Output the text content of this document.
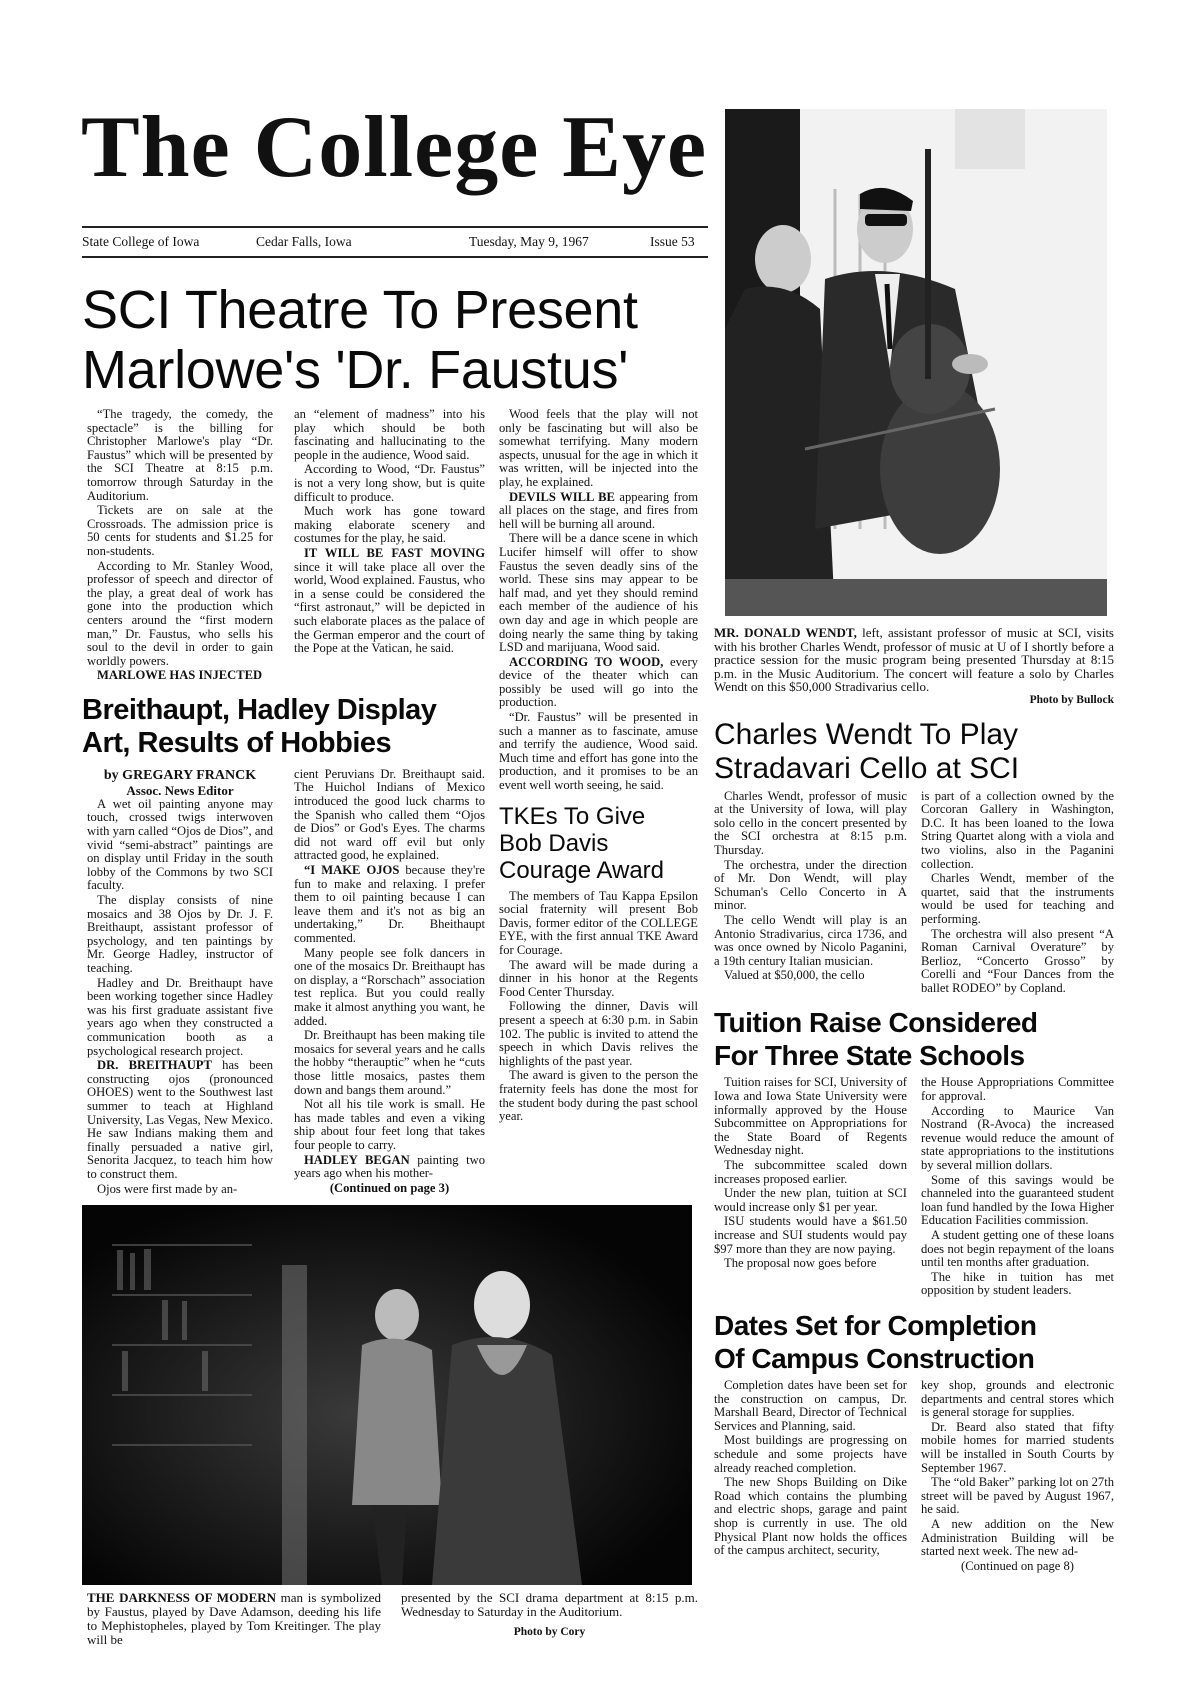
The College Eye
State College of Iowa	Cedar Falls, Iowa	Tuesday, May 9, 1967	Issue 53
SCI Theatre To Present
Marlowe's 'Dr. Faustus'

“The tragedy, the comedy, the spectacle” is the billing for Christopher Marlowe's play “Dr. Faustus” which will be presented by the SCI Theatre at 8:15 p.m. tomorrow through Saturday in the Auditorium.

Tickets are on sale at the Crossroads. The admission price is 50 cents for students and $1.25 for non-students.

According to Mr. Stanley Wood, professor of speech and director of the play, a great deal of work has gone into the production which centers around the “first modern man,” Dr. Faustus, who sells his soul to the devil in order to gain worldly powers.

MARLOWE HAS INJECTED

an “element of madness” into his play which should be both fascinating and hallucinating to the people in the audience, Wood said.

According to Wood, “Dr. Faustus” is not a very long show, but is quite difficult to produce.

Much work has gone toward making elaborate scenery and costumes for the play, he said.

IT WILL BE FAST MOVING since it will take place all over the world, Wood explained. Faustus, who in a sense could be considered the “first astronaut,” will be depicted in such elaborate places as the palace of the German emperor and the court of the Pope at the Vatican, he said.

Breithaupt, Hadley Display
Art, Results of Hobbies
by GREGARY FRANCK
Assoc. News Editor

A wet oil painting anyone may touch, crossed twigs interwoven with yarn called “Ojos de Dios”, and vivid “semi-abstract” paintings are on display until Friday in the south lobby of the Commons by two SCI faculty.

The display consists of nine mosaics and 38 Ojos by Dr. J. F. Breithaupt, assistant professor of psychology, and ten paintings by Mr. George Hadley, instructor of teaching.

Hadley and Dr. Breithaupt have been working together since Hadley was his first graduate assistant five years ago when they constructed a communication booth as a psychological research project.

DR. BREITHAUPT has been constructing ojos (pronounced OHOES) went to the Southwest last summer to teach at Highland University, Las Vegas, New Mexico. He saw Indians making them and finally persuaded a native girl, Senorita Jacquez, to teach him how to construct them.

Ojos were first made by an-

cient Peruvians Dr. Breithaupt said. The Huichol Indians of Mexico introduced the good luck charms to the Spanish who called them “Ojos de Dios” or God's Eyes. The charms did not ward off evil but only attracted good, he explained.

“I MAKE OJOS because they're fun to make and relaxing. I prefer them to oil painting because I can leave them and it's not as big an undertaking,” Dr. Bheithaupt commented.

Many people see folk dancers in one of the mosaics Dr. Breithaupt has on display, a “Rorschach” association test replica. But you could really make it almost anything you want, he added.

Dr. Breithaupt has been making tile mosaics for several years and he calls the hobby “therauptic” when he “cuts those little mosaics, pastes them down and bangs them around.”

Not all his tile work is small. He has made tables and even a viking ship about four feet long that takes four people to carry.

HADLEY BEGAN painting two years ago when his mother-

(Continued on page 3)

Wood feels that the play will not only be fascinating but will also be somewhat terrifying. Many modern aspects, unusual for the age in which it was written, will be injected into the play, he explained.

DEVILS WILL BE appearing from all places on the stage, and fires from hell will be burning all around.

There will be a dance scene in which Lucifer himself will offer to show Faustus the seven deadly sins of the world. These sins may appear to be half mad, and yet they should remind each member of the audience of his own day and age in which people are doing nearly the same thing by taking LSD and marijuana, Wood said.

ACCORDING TO WOOD, every device of the theater which can possibly be used will go into the production.

“Dr. Faustus” will be presented in such a manner as to fascinate, amuse and terrify the audience, Wood said. Much time and effort has gone into the production, and it promises to be an event well worth seeing, he said.

TKEs To Give
Bob Davis
Courage Award

The members of Tau Kappa Epsilon social fraternity will present Bob Davis, former editor of the COLLEGE EYE, with the first annual TKE Award for Courage.

The award will be made during a dinner in his honor at the Regents Food Center Thursday.

Following the dinner, Davis will present a speech at 6:30 p.m. in Sabin 102. The public is invited to attend the speech in which Davis relives the highlights of the past year.

The award is given to the person the fraternity feels has done the most for the student body during the past school year.

THE DARKNESS OF MODERN man is symbolized by Faustus, played by Dave Adamson, deeding his life to Mephistopheles, played by Tom Kreitinger. The play will be
presented by the SCI drama department at 8:15 p.m. Wednesday to Saturday in the Auditorium.
Photo by Cory
MR. DONALD WENDT, left, assistant professor of music at SCI, visits with his brother Charles Wendt, professor of music at U of I shortly before a practice session for the music program being presented Thursday at 8:15 p.m. in the Music Auditorium. The concert will feature a solo by Charles Wendt on this $50,000 Stradivarius cello.
Photo by Bullock
Charles Wendt To Play
Stradavari Cello at SCI

Charles Wendt, professor of music at the University of Iowa, will play solo cello in the concert presented by the SCI orchestra at 8:15 p.m. Thursday.

The orchestra, under the direction of Mr. Don Wendt, will play Schuman's Cello Concerto in A minor.

The cello Wendt will play is an Antonio Stradivarius, circa 1736, and was once owned by Nicolo Paganini, a 19th century Italian musician.

Valued at $50,000, the cello

is part of a collection owned by the Corcoran Gallery in Washington, D.C. It has been loaned to the Iowa String Quartet along with a viola and two violins, also in the Paganini collection.

Charles Wendt, member of the quartet, said that the instruments would be used for teaching and performing.

The orchestra will also present “A Roman Carnival Overature” by Berlioz, “Concerto Grosso” by Corelli and “Four Dances from the ballet RODEO” by Copland.

Tuition Raise Considered
For Three State Schools

Tuition raises for SCI, University of Iowa and Iowa State University were informally approved by the House Subcommittee on Appropriations for the State Board of Regents Wednesday night.

The subcommittee scaled down increases proposed earlier.

Under the new plan, tuition at SCI would increase only $1 per year.

ISU students would have a $61.50 increase and SUI students would pay $97 more than they are now paying.

The proposal now goes before

the House Appropriations Committee for approval.

According to Maurice Van Nostrand (R-Avoca) the increased revenue would reduce the amount of state appropriations to the institutions by several million dollars.

Some of this savings would be channeled into the guaranteed student loan fund handled by the Iowa Higher Education Facilities commission.

A student getting one of these loans does not begin repayment of the loans until ten months after graduation.

The hike in tuition has met opposition by student leaders.

Dates Set for Completion
Of Campus Construction

Completion dates have been set for the construction on campus, Dr. Marshall Beard, Director of Technical Services and Planning, said.

Most buildings are progressing on schedule and some projects have already reached completion.

The new Shops Building on Dike Road which contains the plumbing and electric shops, garage and paint shop is currently in use. The old Physical Plant now holds the offices of the campus architect, security,

key shop, grounds and electronic departments and central stores which is general storage for supplies.

Dr. Beard also stated that fifty mobile homes for married students will be installed in South Courts by September 1967.

The “old Baker” parking lot on 27th street will be paved by August 1967, he said.

A new addition on the New Administration Building will be started next week. The new ad-

(Continued on page 8)
